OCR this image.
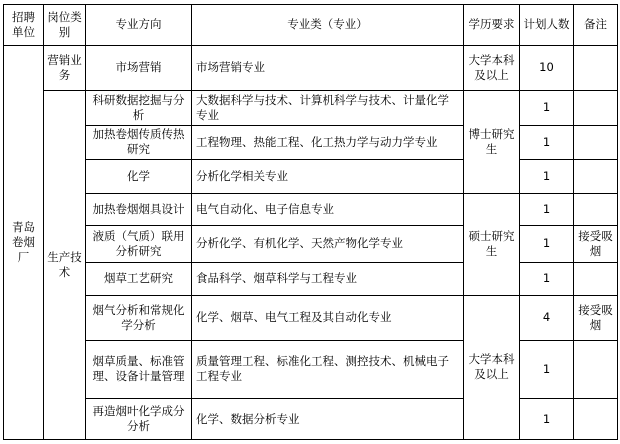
招聘单位	岗位类别	专业方向	专业类（专业）	学历要求	计划人数	备注
青岛卷烟厂	营销业务	市场营销	市场营销专业	大学本科及以上	10	
	生产技术	科研数据挖掘与分析	大数据科学与技术、计算机科学与技术、计量化学专业	博士研究生	1	
		加热卷烟传质传热研究	工程物理、热能工程、化工热力学与动力学专业		1	
		化学	分析化学相关专业		1	
		加热卷烟烟具设计	电气自动化、电子信息专业	硕士研究生	1	
		液质（气质）联用分析研究	分析化学、有机化学、天然产物化学专业		1	接受吸烟
		烟草工艺研究	食品科学、烟草科学与工程专业		1	
		烟气分析和常规化学分析	化学、烟草、电气工程及其自动化专业	大学本科及以上	4	接受吸烟
		烟草质量、标准管理、设备计量管理	质量管理工程、标准化工程、测控技术、机械电子工程专业		1	
		再造烟叶化学成分分析	化学、数据分析专业		1	
